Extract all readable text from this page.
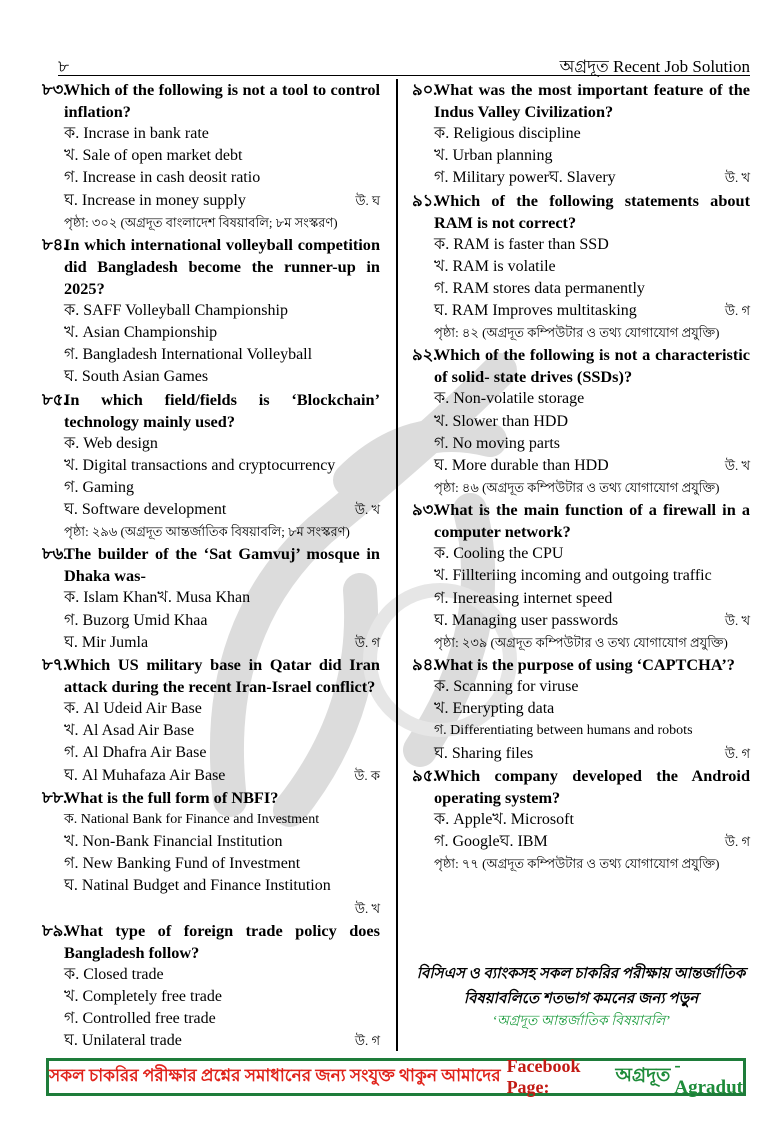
৮	অগ্রদূত Recent Job Solution
৮৩.
Which of the following is not a tool to control inflation?
ক. Incrase in bank rate
খ. Sale of open market debt
গ. Increase in cash deosit ratio
ঘ. Increase in money supply	উ. ঘ
পৃষ্ঠা: ৩০২ (অগ্রদূত বাংলাদেশ বিষয়াবলি; ৮ম সংস্করণ)
৮৪.
In which international volleyball competition did Bangladesh become the runner-up in 2025?
ক. SAFF Volleyball Championship
খ. Asian Championship
গ. Bangladesh International Volleyball
ঘ. South Asian Games
৮৫.
In which field/fields is ‘Blockchain’ technology mainly used?
ক. Web design
খ. Digital transactions and cryptocurrency
গ. Gaming
ঘ. Software development	উ. খ
পৃষ্ঠা: ২৯৬ (অগ্রদূত আন্তর্জাতিক বিষয়াবলি; ৮ম সংস্করণ)
৮৬.
The builder of the ‘Sat Gamvuj’ mosque in Dhaka was-
ক. Islam Khanখ. Musa Khan
গ. Buzorg Umid Khaa
ঘ. Mir Jumla	উ. গ
৮৭.
Which US military base in Qatar did Iran attack during the recent Iran-Israel conflict?
ক. Al Udeid Air Base
খ. Al Asad Air Base
গ. Al Dhafra Air Base
ঘ. Al Muhafaza Air Base	উ. ক
৮৮.
What is the full form of NBFI?
ক. National Bank for Finance and Investment
খ. Non-Bank Financial Institution
গ. New Banking Fund of Investment
ঘ. Natinal Budget and Finance Institution
উ. খ
৮৯.
What type of foreign trade policy does Bangladesh follow?
ক. Closed trade
খ. Completely free trade
গ. Controlled free trade
ঘ. Unilateral trade	উ. গ
৯০.
What was the most important feature of the Indus Valley Civilization?
ক. Religious discipline
খ. Urban planning
গ. Military powerঘ. Slavery	উ. খ
৯১.
Which of the following statements about RAM is not correct?
ক. RAM is faster than SSD
খ. RAM is volatile
গ. RAM stores data permanently
ঘ. RAM Improves multitasking	উ. গ
পৃষ্ঠা: ৪২ (অগ্রদূত কম্পিউটার ও তথ্য যোগাযোগ প্রযুক্তি)
৯২.
Which of the following is not a characteristic of solid- state drives (SSDs)?
ক. Non-volatile storage
খ. Slower than HDD
গ. No moving parts
ঘ. More durable than HDD	উ. খ
পৃষ্ঠা: ৪৬ (অগ্রদূত কম্পিউটার ও তথ্য যোগাযোগ প্রযুক্তি)
৯৩.
What is the main function of a firewall in a computer network?
ক. Cooling the CPU
খ. Fillteriing incoming and outgoing traffic
গ. Inereasing internet speed
ঘ. Managing user passwords	উ. খ
পৃষ্ঠা: ২৩৯ (অগ্রদূত কম্পিউটার ও তথ্য যোগাযোগ প্রযুক্তি)
৯৪.
What is the purpose of using ‘CAPTCHA’?
ক. Scanning for viruse
খ. Enerypting data
গ. Differentiating between humans and robots
ঘ. Sharing files	উ. গ
৯৫.
Which company developed the Android operating system?
ক. Appleখ. Microsoft
গ. Googleঘ. IBM	উ. গ
পৃষ্ঠা: ৭৭ (অগ্রদূত কম্পিউটার ও তথ্য যোগাযোগ প্রযুক্তি)
বিসিএস ও ব্যাংকসহ সকল চাকরির পরীক্ষায় আন্তর্জাতিক
বিষয়াবলিতে শতভাগ কমনের জন্য পড়ুন
‘অগ্রদূত আন্তর্জাতিক বিষয়াবলি’
সকল চাকরির পরীক্ষার প্রশ্নের সমাধানের জন্য সংযুক্ত থাকুন আমাদের Facebook Page:
অগ্রদূত - Agradut
